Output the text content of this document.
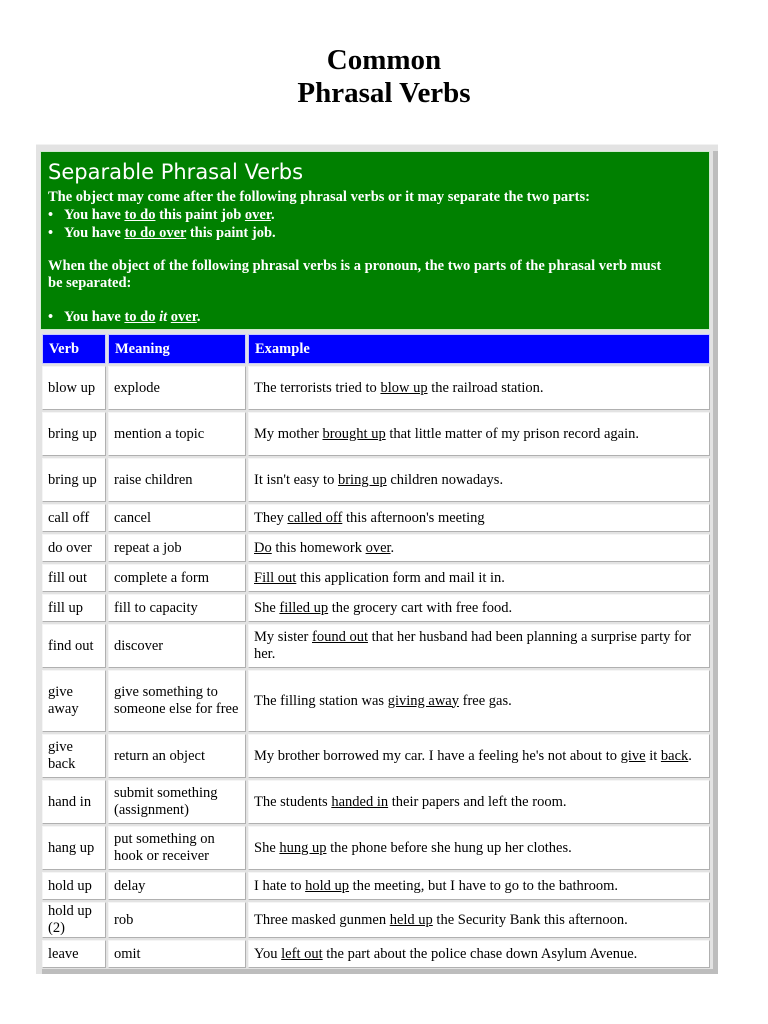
Common
Phrasal Verbs
Separable Phrasal Verbs
The object may come after the following phrasal verbs or it may separate the two parts:
• You have to do this paint job over.
• You have to do over this paint job.
When the object of the following phrasal verbs is a pronoun, the two parts of the phrasal verb must
be separated:
• You have to do it over.
Verb	Meaning	Example
blow up	explode	The terrorists tried to blow up the railroad station.
bring up	mention a topic	My mother brought up that little matter of my prison record again.
bring up	raise children	It isn't easy to bring up children nowadays.
call off	cancel	They called off this afternoon's meeting
do over	repeat a job	Do this homework over.
fill out	complete a form	Fill out this application form and mail it in.
fill up	fill to capacity	She filled up the grocery cart with free food.
find out	discover	My sister found out that her husband had been planning a surprise party for her.
give away	give something to someone else for free	The filling station was giving away free gas.
give back	return an object	My brother borrowed my car. I have a feeling he's not about to give it back.
hand in	submit something (assignment)	The students handed in their papers and left the room.
hang up	put something on hook or receiver	She hung up the phone before she hung up her clothes.
hold up	delay	I hate to hold up the meeting, but I have to go to the bathroom.
hold up (2)	rob	Three masked gunmen held up the Security Bank this afternoon.
leave	omit	You left out the part about the police chase down Asylum Avenue.
